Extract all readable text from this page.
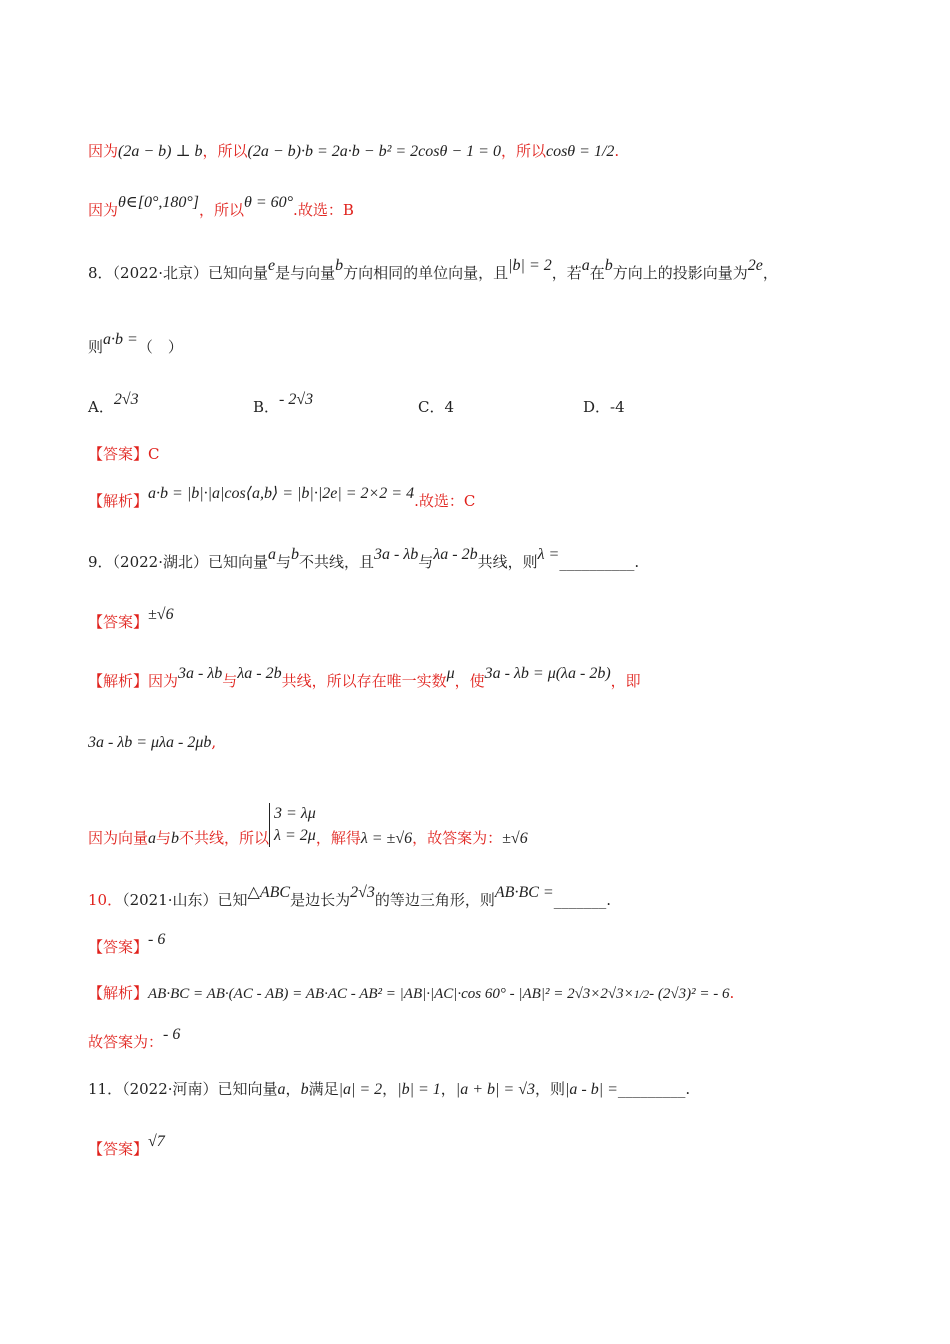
因为(2a − b) ⊥ b，所以(2a − b)·b = 2a·b − b² = 2cosθ − 1 = 0，所以cosθ = 1/2.
因为θ∈[0°,180°]，所以θ = 60°.故选：B
8．（2022·北京）已知向量e是与向量b方向相同的单位向量，且|b| = 2，若a在b方向上的投影向量为2e，
则a·b =（　）
A．2√3	B．- 2√3	C．4	D．-4
【答案】C
【解析】a·b = |b|·|a|cos⟨a,b⟩ = |b|·|2e| = 2×2 = 4.故选：C
9．（2022·湖北）已知向量a与b不共线，且3a - λb与λa - 2b共线，则λ =__________.
【答案】±√6
【解析】因为3a - λb与λa - 2b共线，所以存在唯一实数μ，使3a - λb = μ(λa - 2b)，即
3a - λb = μλa - 2μb,
因为向量a与b不共线，所以
3 = λμ
λ = 2μ ，解得λ = ±√6，故答案为：±√6
10．（2021·山东）已知△ABC是边长为2√3的等边三角形，则AB·BC =_______.
【答案】- 6
【解析】AB·BC = AB·(AC - AB) = AB·AC - AB² = |AB|·|AC|·cos 60° - |AB|² = 2√3×2√3×1/2- (2√3)² = - 6.
故答案为：- 6
11．（2022·河南）已知向量a，b满足|a| = 2，|b| = 1，|a + b| = √3，则|a - b| =_________.
【答案】√7
